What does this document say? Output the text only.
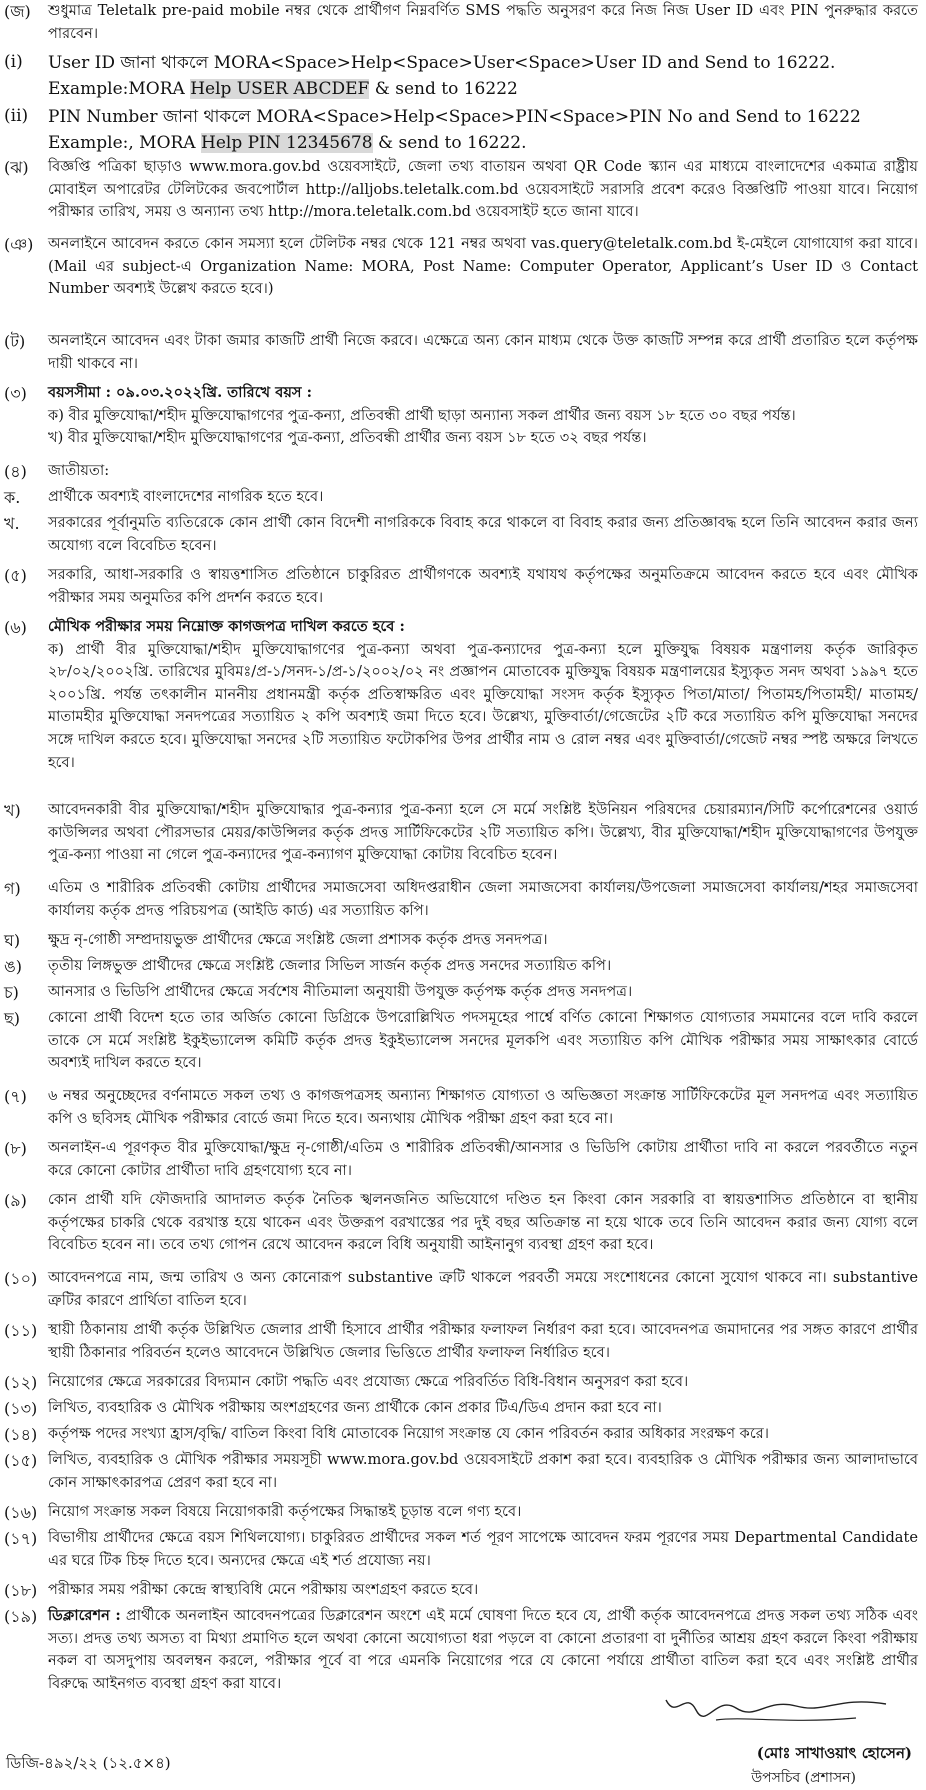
(জ)	শুধুমাত্র Teletalk pre-paid mobile নম্বর থেকে প্রার্থীগণ নিম্নবর্ণিত SMS পদ্ধতি অনুসরণ করে নিজ নিজ User ID এবং PIN পুনরুদ্ধার করতে পারবেন।

(i)	User ID জানা থাকলে MORA<Space>Help<Space>User<Space>User ID and Send to 16222.

Example:MORA Help USER ABCDEF & send to 16222

(ii)	PIN Number জানা থাকলে MORA<Space>Help<Space>PIN<Space>PIN No and Send to 16222

Example:, MORA Help PIN 12345678 & send to 16222.

(ঝ)	বিজ্ঞপ্তি পত্রিকা ছাড়াও www.mora.gov.bd ওয়েবসাইটে, জেলা তথ্য বাতায়ন অথবা QR Code স্ক্যান এর মাধ্যমে বাংলাদেশের একমাত্র রাষ্ট্রীয় মোবাইল অপারেটর টেলিটকের জবপোর্টাল http://alljobs.teletalk.com.bd ওয়েবসাইটে সরাসরি প্রবেশ করেও বিজ্ঞপ্তিটি পাওয়া যাবে। নিয়োগ পরীক্ষার তারিখ, সময় ও অন্যান্য তথ্য http://mora.teletalk.com.bd ওয়েবসাইট হতে জানা যাবে।

(ঞ)	অনলাইনে আবেদন করতে কোন সমস্যা হলে টেলিটক নম্বর থেকে 121 নম্বর অথবা vas.query@teletalk.com.bd ই-মেইলে যোগাযোগ করা যাবে। (Mail এর subject-এ Organization Name: MORA, Post Name: Computer Operator, Applicant’s User ID ও Contact Number অবশ্যই উল্লেখ করতে হবে।)

(ট)	অনলাইনে আবেদন এবং টাকা জমার কাজটি প্রার্থী নিজে করবে। এক্ষেত্রে অন্য কোন মাধ্যম থেকে উক্ত কাজটি সম্পন্ন করে প্রার্থী প্রতারিত হলে কর্তৃপক্ষ দায়ী থাকবে না।

(৩)	বয়সসীমা : ০৯.০৩.২০২২খ্রি. তারিখে বয়স :

ক) বীর মুক্তিযোদ্ধা/শহীদ মুক্তিযোদ্ধাগণের পুত্র-কন্যা, প্রতিবন্ধী প্রার্থী ছাড়া অন্যান্য সকল প্রার্থীর জন্য বয়স ১৮ হতে ৩০ বছর পর্যন্ত।

খ) বীর মুক্তিযোদ্ধা/শহীদ মুক্তিযোদ্ধাগণের পুত্র-কন্যা, প্রতিবন্ধী প্রার্থীর জন্য বয়স ১৮ হতে ৩২ বছর পর্যন্ত।

(৪)	জাতীয়তা:

ক.	প্রার্থীকে অবশ্যই বাংলাদেশের নাগরিক হতে হবে।

খ.	সরকারের পূর্বানুমতি ব্যতিরেকে কোন প্রার্থী কোন বিদেশী নাগরিককে বিবাহ করে থাকলে বা বিবাহ করার জন্য প্রতিজ্ঞাবদ্ধ হলে তিনি আবেদন করার জন্য অযোগ্য বলে বিবেচিত হবেন।

(৫)	সরকারি, আধা-সরকারি ও স্বায়ত্তশাসিত প্রতিষ্ঠানে চাকুরিরত প্রার্থীগণকে অবশ্যই যথাযথ কর্তৃপক্ষের অনুমতিক্রমে আবেদন করতে হবে এবং মৌখিক পরীক্ষার সময় অনুমতির কপি প্রদর্শন করতে হবে।

(৬)	মৌখিক পরীক্ষার সময় নিম্নোক্ত কাগজপত্র দাখিল করতে হবে :

ক) প্রার্থী বীর মুক্তিযোদ্ধা/শহীদ মুক্তিযোদ্ধাগণের পুত্র-কন্যা অথবা পুত্র-কন্যাদের পুত্র-কন্যা হলে মুক্তিযুদ্ধ বিষয়ক মন্ত্রণালয় কর্তৃক জারিকৃত ২৮/০২/২০০২খ্রি. তারিখের মুবিমঃ/প্র-১/সনদ-১/প্র-১/২০০২/০২ নং প্রজ্ঞাপন মোতাবেক মুক্তিযুদ্ধ বিষয়ক মন্ত্রণালয়ের ইস্যুকৃত সনদ অথবা ১৯৯৭ হতে ২০০১খ্রি. পর্যন্ত তৎকালীন মাননীয় প্রধানমন্ত্রী কর্তৃক প্রতিস্বাক্ষরিত এবং মুক্তিযোদ্ধা সংসদ কর্তৃক ইস্যুকৃত পিতা/মাতা/ পিতামহ/পিতামহী/ মাতামহ/মাতামহীর মুক্তিযোদ্ধা সনদপত্রের সত্যায়িত ২ কপি অবশ্যই জমা দিতে হবে। উল্লেখ্য, মুক্তিবার্তা/গেজেটের ২টি করে সত্যায়িত কপি মুক্তিযোদ্ধা সনদের সঙ্গে দাখিল করতে হবে। মুক্তিযোদ্ধা সনদের ২টি সত্যায়িত ফটোকপির উপর প্রার্থীর নাম ও রোল নম্বর এবং মুক্তিবার্তা/গেজেট নম্বর স্পষ্ট অক্ষরে লিখতে হবে।

খ)	আবেদনকারী বীর মুক্তিযোদ্ধা/শহীদ মুক্তিযোদ্ধার পুত্র-কন্যার পুত্র-কন্যা হলে সে মর্মে সংশ্লিষ্ট ইউনিয়ন পরিষদের চেয়ারম্যান/সিটি কর্পোরেশনের ওয়ার্ড কাউন্সিলর অথবা পৌরসভার মেয়র/কাউন্সিলর কর্তৃক প্রদত্ত সার্টিফিকেটের ২টি সত্যায়িত কপি। উল্লেখ্য, বীর মুক্তিযোদ্ধা/শহীদ মুক্তিযোদ্ধাগণের উপযুক্ত পুত্র-কন্যা পাওয়া না গেলে পুত্র-কন্যাদের পুত্র-কন্যাগণ মুক্তিযোদ্ধা কোটায় বিবেচিত হবেন।

গ)	এতিম ও শারীরিক প্রতিবন্ধী কোটায় প্রার্থীদের সমাজসেবা অধিদপ্তরাধীন জেলা সমাজসেবা কার্যালয়/উপজেলা সমাজসেবা কার্যালয়/শহর সমাজসেবা কার্যালয় কর্তৃক প্রদত্ত পরিচয়পত্র (আইডি কার্ড) এর সত্যায়িত কপি।

ঘ)	ক্ষুদ্র নৃ-গোষ্ঠী সম্প্রদায়ভুক্ত প্রার্থীদের ক্ষেত্রে সংশ্লিষ্ট জেলা প্রশাসক কর্তৃক প্রদত্ত সনদপত্র।

ঙ)	তৃতীয় লিঙ্গভুক্ত প্রার্থীদের ক্ষেত্রে সংশ্লিষ্ট জেলার সিভিল সার্জন কর্তৃক প্রদত্ত সনদের সত্যায়িত কপি।

চ)	আনসার ও ভিডিপি প্রার্থীদের ক্ষেত্রে সর্বশেষ নীতিমালা অনুযায়ী উপযুক্ত কর্তৃপক্ষ কর্তৃক প্রদত্ত সনদপত্র।

ছ)	কোনো প্রার্থী বিদেশ হতে তার অর্জিত কোনো ডিগ্রিকে উপরোল্লিখিত পদসমূহের পার্শ্বে বর্ণিত কোনো শিক্ষাগত যোগ্যতার সমমানের বলে দাবি করলে তাকে সে মর্মে সংশ্লিষ্ট ইকুইভ্যালেন্স কমিটি কর্তৃক প্রদত্ত ইকুইভ্যালেন্স সনদের মূলকপি এবং সত্যায়িত কপি মৌখিক পরীক্ষার সময় সাক্ষাৎকার বোর্ডে অবশ্যই দাখিল করতে হবে।

(৭)	৬ নম্বর অনুচ্ছেদের বর্ণনামতে সকল তথ্য ও কাগজপত্রসহ অন্যান্য শিক্ষাগত যোগ্যতা ও অভিজ্ঞতা সংক্রান্ত সার্টিফিকেটের মূল সনদপত্র এবং সত্যায়িত কপি ও ছবিসহ মৌখিক পরীক্ষার বোর্ডে জমা দিতে হবে। অন্যথায় মৌখিক পরীক্ষা গ্রহণ করা হবে না।

(৮)	অনলাইন-এ পূরণকৃত বীর মুক্তিযোদ্ধা/ক্ষুদ্র নৃ-গোষ্ঠী/এতিম ও শারীরিক প্রতিবন্ধী/আনসার ও ভিডিপি কোটায় প্রার্থীতা দাবি না করলে পরবর্তীতে নতুন করে কোনো কোটার প্রার্থীতা দাবি গ্রহণযোগ্য হবে না।

(৯)	কোন প্রার্থী যদি ফৌজদারি আদালত কর্তৃক নৈতিক স্খলনজনিত অভিযোগে দণ্ডিত হন কিংবা কোন সরকারি বা স্বায়ত্তশাসিত প্রতিষ্ঠানে বা স্থানীয় কর্তৃপক্ষের চাকরি থেকে বরখাস্ত হয়ে থাকেন এবং উক্তরূপ বরখাস্তের পর দুই বছর অতিক্রান্ত না হয়ে থাকে তবে তিনি আবেদন করার জন্য যোগ্য বলে বিবেচিত হবেন না। তবে তথ্য গোপন রেখে আবেদন করলে বিধি অনুযায়ী আইনানুগ ব্যবস্থা গ্রহণ করা হবে।

(১০) আবেদনপত্রে নাম, জন্ম তারিখ ও অন্য কোনোরূপ substantive ত্রুটি থাকলে পরবর্তী সময়ে সংশোধনের কোনো সুযোগ থাকবে না। substantive ত্রুটির কারণে প্রার্থিতা বাতিল হবে।

(১১) স্থায়ী ঠিকানায় প্রার্থী কর্তৃক উল্লিখিত জেলার প্রার্থী হিসাবে প্রার্থীর পরীক্ষার ফলাফল নির্ধারণ করা হবে। আবেদনপত্র জমাদানের পর সঙ্গত কারণে প্রার্থীর স্থায়ী ঠিকানার পরিবর্তন হলেও আবেদনে উল্লিখিত জেলার ভিত্তিতে প্রার্থীর ফলাফল নির্ধারিত হবে।

(১২) নিয়োগের ক্ষেত্রে সরকারের বিদ্যমান কোটা পদ্ধতি এবং প্রযোজ্য ক্ষেত্রে পরিবর্তিত বিধি-বিধান অনুসরণ করা হবে।

(১৩) লিখিত, ব্যবহারিক ও মৌখিক পরীক্ষায় অংশগ্রহণের জন্য প্রার্থীকে কোন প্রকার টিএ/ডিএ প্রদান করা হবে না।

(১৪) কর্তৃপক্ষ পদের সংখ্যা হ্রাস/বৃদ্ধি/ বাতিল কিংবা বিধি মোতাবেক নিয়োগ সংক্রান্ত যে কোন পরিবর্তন করার অধিকার সংরক্ষণ করে।

(১৫) লিখিত, ব্যবহারিক ও মৌখিক পরীক্ষার সময়সূচী www.mora.gov.bd ওয়েবসাইটে প্রকাশ করা হবে। ব্যবহারিক ও মৌখিক পরীক্ষার জন্য আলাদাভাবে কোন সাক্ষাৎকারপত্র প্রেরণ করা হবে না।

(১৬) নিয়োগ সংক্রান্ত সকল বিষয়ে নিয়োগকারী কর্তৃপক্ষের সিদ্ধান্তই চূড়ান্ত বলে গণ্য হবে।

(১৭) বিভাগীয় প্রার্থীদের ক্ষেত্রে বয়স শিথিলযোগ্য। চাকুরিরত প্রার্থীদের সকল শর্ত পূরণ সাপেক্ষে আবেদন ফরম পূরণের সময় Departmental Candidate এর ঘরে টিক চিহ্ন দিতে হবে। অন্যদের ক্ষেত্রে এই শর্ত প্রযোজ্য নয়।

(১৮) পরীক্ষার সময় পরীক্ষা কেন্দ্রে স্বাস্থ্যবিধি মেনে পরীক্ষায় অংশগ্রহণ করতে হবে।

(১৯) ডিক্লারেশন : প্রার্থীকে অনলাইন আবেদনপত্রের ডিক্লারেশন অংশে এই মর্মে ঘোষণা দিতে হবে যে, প্রার্থী কর্তৃক আবেদনপত্রে প্রদত্ত সকল তথ্য সঠিক এবং সত্য। প্রদত্ত তথ্য অসত্য বা মিথ্যা প্রমাণিত হলে অথবা কোনো অযোগ্যতা ধরা পড়লে বা কোনো প্রতারণা বা দুর্নীতির আশ্রয় গ্রহণ করলে কিংবা পরীক্ষায় নকল বা অসদুপায় অবলম্বন করলে, পরীক্ষার পূর্বে বা পরে এমনকি নিয়োগের পরে যে কোনো পর্যায়ে প্রার্থীতা বাতিল করা হবে এবং সংশ্লিষ্ট প্রার্থীর বিরুদ্ধে আইনগত ব্যবস্থা গ্রহণ করা যাবে।

(মোঃ সাখাওয়াৎ হোসেন)
উপসচিব (প্রশাসন)
ডিজি-৪৯২/২২ (১২.৫×৪)
